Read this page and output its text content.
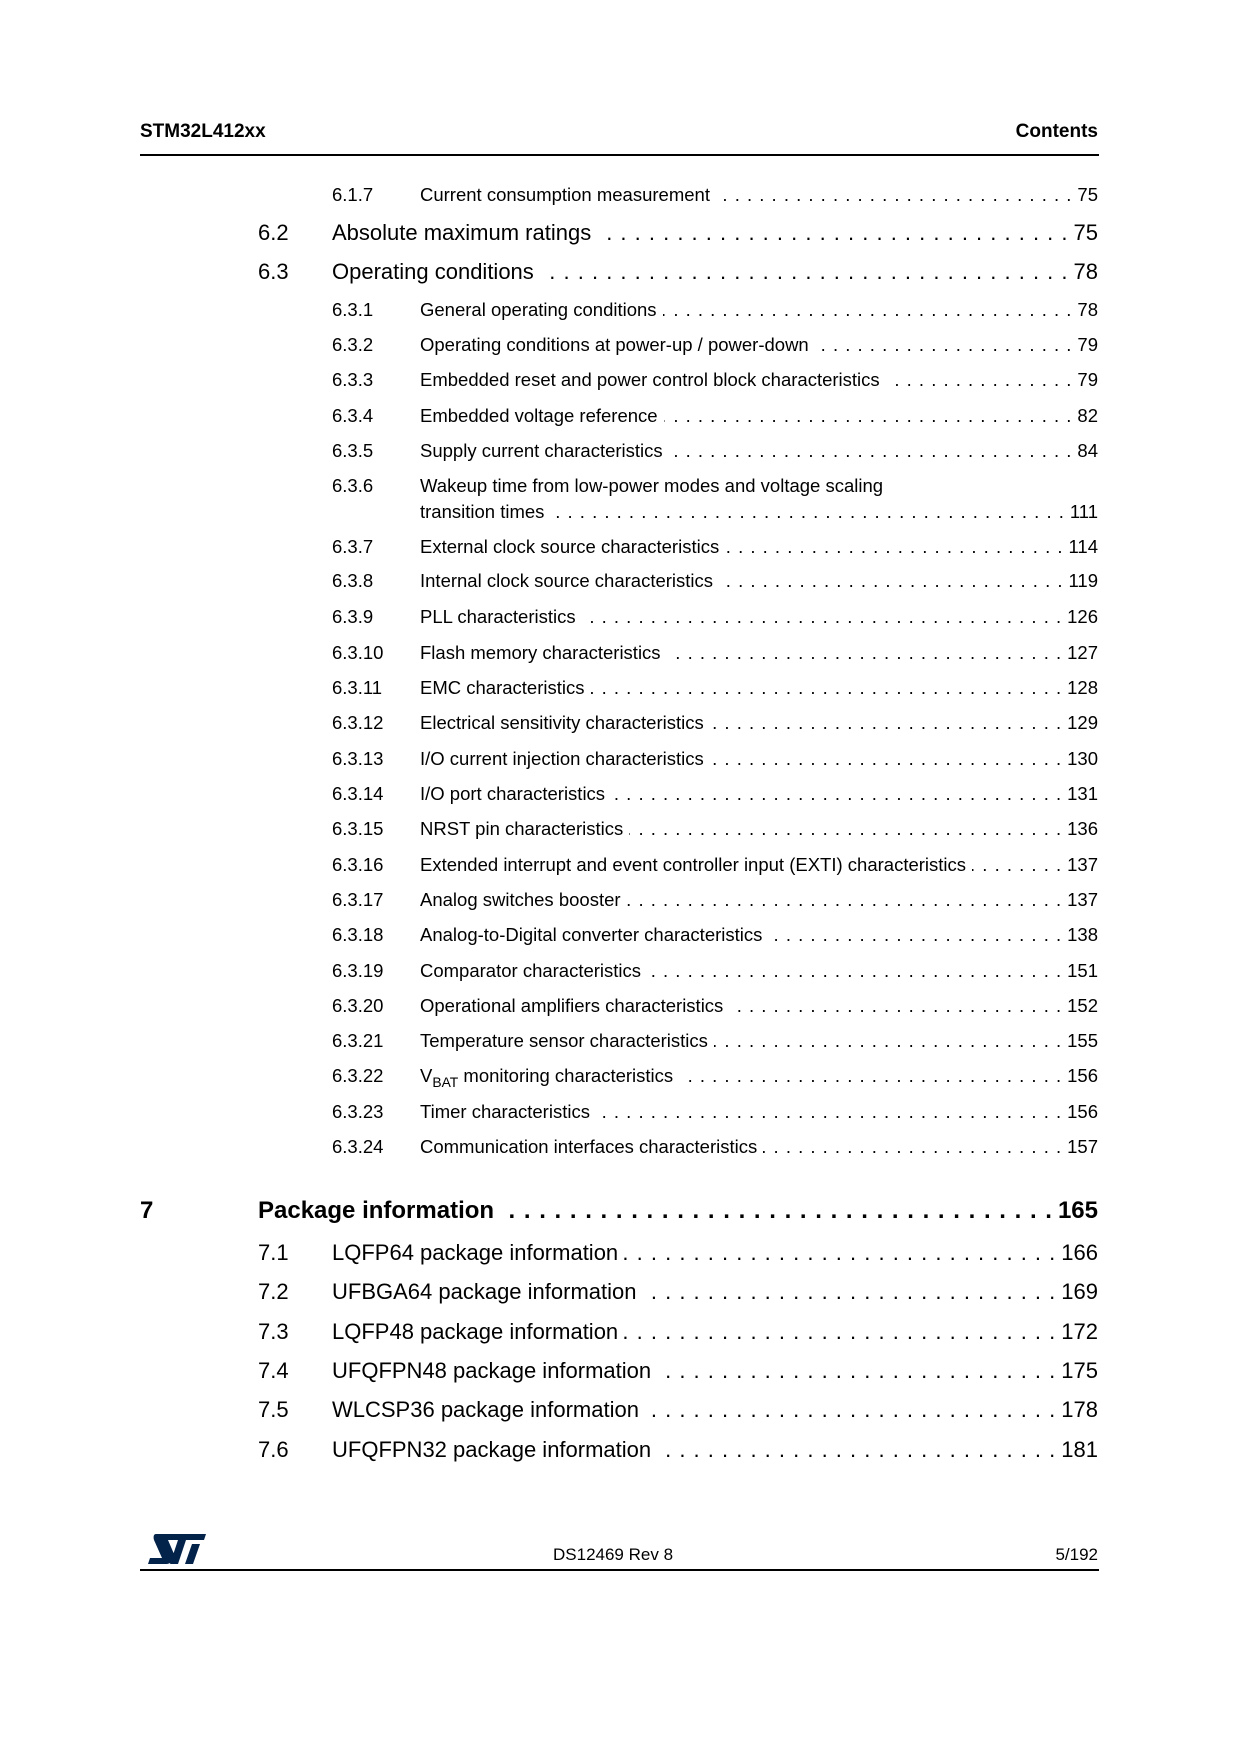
STM32L412xx	Contents
6.1.7	Current consumption measurement . . .	75
6.2 Absolute maximum ratings . . .	75
6.3 Operating conditions . . .	78
6.3.1	General operating conditions . . .	78
6.3.2	Operating conditions at power-up / power-down . . .	79
6.3.3	Embedded reset and power control block characteristics . . .	79
6.3.4	Embedded voltage reference . . .	82
6.3.5	Supply current characteristics . . .	84
6.3.6	Wakeup time from low-power modes and voltage scaling
transition times . . .	111
6.3.7	External clock source characteristics . . .	114
6.3.8	Internal clock source characteristics . . .	119
6.3.9	PLL characteristics . . .	126
6.3.10 Flash memory characteristics . . .	127
6.3.11 EMC characteristics . . .	128
6.3.12 Electrical sensitivity characteristics . . .	129
6.3.13 I/O current injection characteristics . . .	130
6.3.14 I/O port characteristics . . .	131
6.3.15 NRST pin characteristics . . .	136
6.3.16 Extended interrupt and event controller input (EXTI) characteristics . . .	137
6.3.17 Analog switches booster . . .	137
6.3.18 Analog-to-Digital converter characteristics . . .	138
6.3.19 Comparator characteristics . . .	151
6.3.20 Operational amplifiers characteristics . . .	152
6.3.21 Temperature sensor characteristics . . .	155
6.3.22 $V_{BAT}$ monitoring characteristics . . .	156
6.3.23 Timer characteristics . . .	156
6.3.24 Communication interfaces characteristics . . .	157
7	Package information . . .	165
7.1 LQFP64 package information . . .	166
7.2 UFBGA64 package information . . .	169
7.3 LQFP48 package information . . .	172
7.4 UFQFPN48 package information . . .	175
7.5 WLCSP36 package information . . .	178
7.6 UFQFPN32 package information . . .	181
DS12469 Rev 8	5/192
